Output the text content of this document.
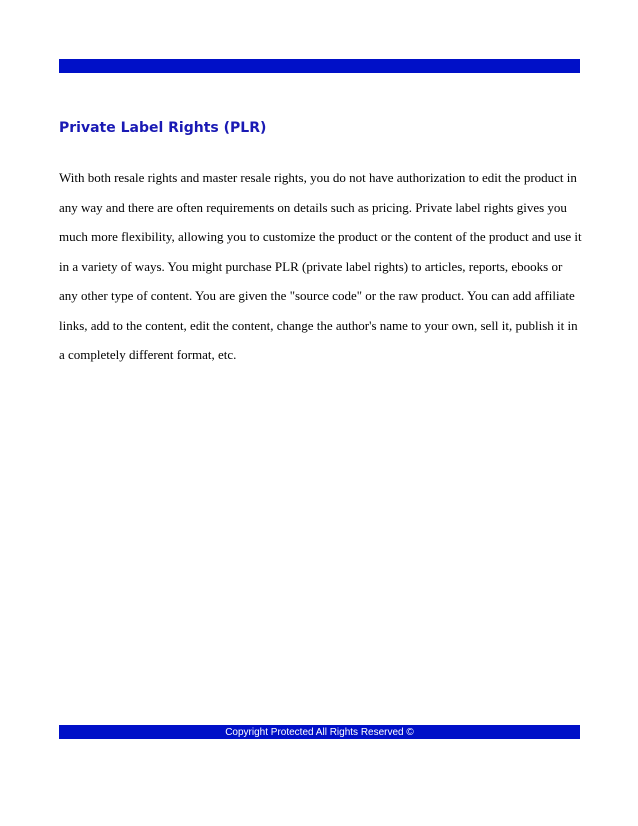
Private Label Rights (PLR)

With both resale rights and master resale rights, you do not have authorization to edit the product in any way and there are often requirements on details such as pricing. Private label rights gives you much more flexibility, allowing you to customize the product or the content of the product and use it in a variety of ways. You might purchase PLR (private label rights) to articles, reports, ebooks or any other type of content. You are given the "source code" or the raw product. You can add affiliate links, add to the content, edit the content, change the author's name to your own, sell it, publish it in a completely different format, etc.

Copyright Protected All Rights Reserved ©
